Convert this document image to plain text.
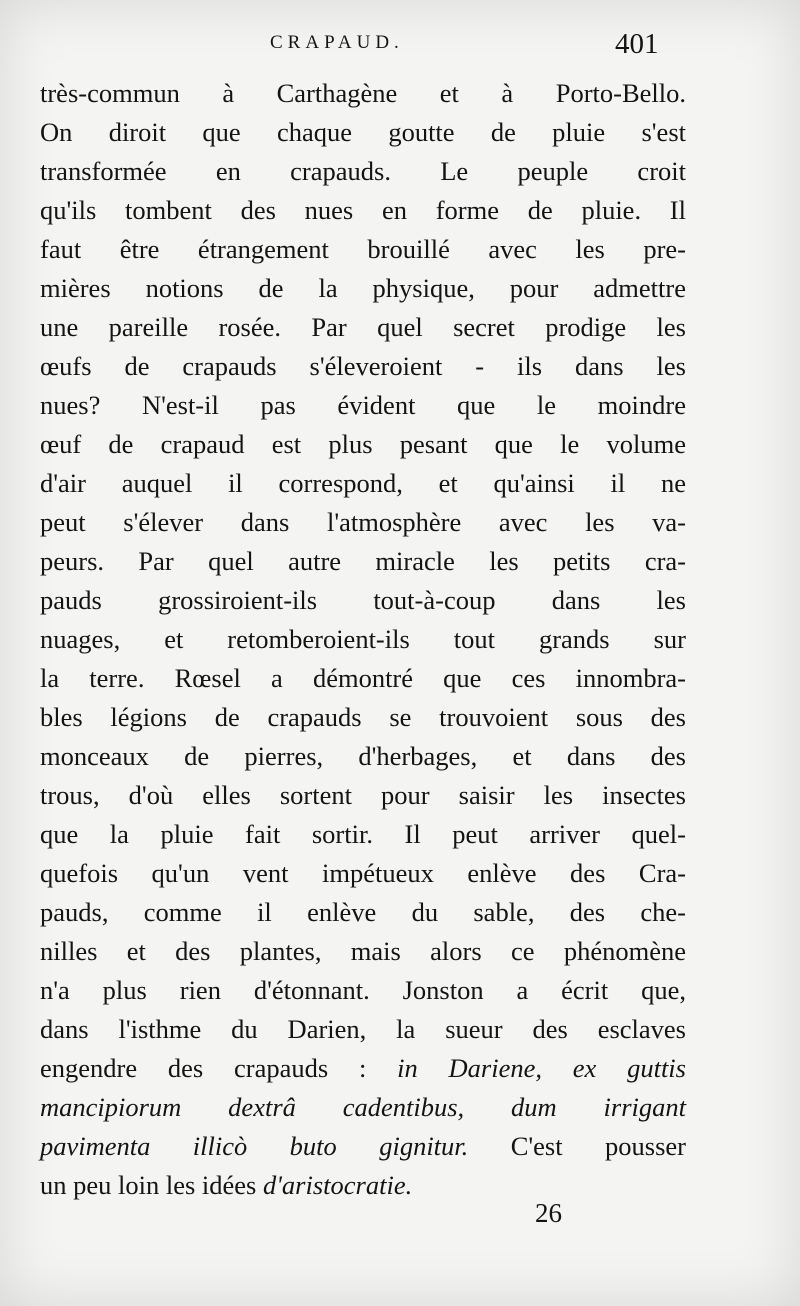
CRAPAUD.	401
très-commun à Carthagène et à Porto-Bello.
On diroit que chaque goutte de pluie s'est
transformée en crapauds. Le peuple croit
qu'ils tombent des nues en forme de pluie. Il
faut être étrangement brouillé avec les pre-
mières notions de la physique, pour admettre
une pareille rosée. Par quel secret prodige les
œufs de crapauds s'éleveroient - ils dans les
nues? N'est-il pas évident que le moindre
œuf de crapaud est plus pesant que le volume
d'air auquel il correspond, et qu'ainsi il ne
peut s'élever dans l'atmosphère avec les va-
peurs. Par quel autre miracle les petits cra-
pauds grossiroient-ils tout-à-coup dans les
nuages, et retomberoient-ils tout grands sur
la terre. Rœsel a démontré que ces innombra-
bles légions de crapauds se trouvoient sous des
monceaux de pierres, d'herbages, et dans des
trous, d'où elles sortent pour saisir les insectes
que la pluie fait sortir. Il peut arriver quel-
quefois qu'un vent impétueux enlève des Cra-
pauds, comme il enlève du sable, des che-
nilles et des plantes, mais alors ce phénomène
n'a plus rien d'étonnant. Jonston a écrit que,
dans l'isthme du Darien, la sueur des esclaves
engendre des crapauds : in Dariene, ex guttis
mancipiorum dextrâ cadentibus, dum irrigant
pavimenta illicò buto gignitur. C'est pousser
un peu loin les idées d'aristocratie.
26
